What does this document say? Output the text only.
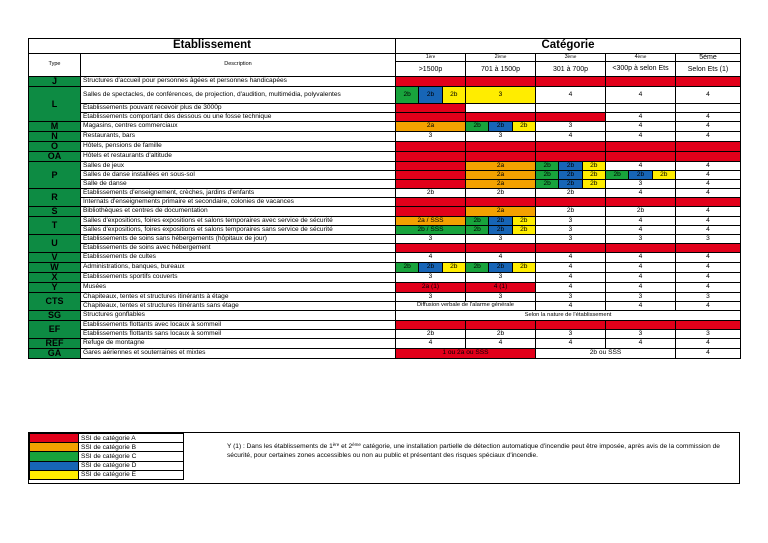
Etablissement		Catégorie				
Type	Description	1ère	2ème	3ème	4ème	5ème
		>1500p	701 à 1500p	301 à 700p	<300p à selon Ets	Selon Ets (1)
J	Structures d'accueil pour personnes âgées et personnes handicapées	1	1	1	1	1
L	Salles de spectacles, de conférences, de projection, d'audition, multimédia, polyvalentes	2b 2b 2b	3	4	4	4
	Etablissements pouvant recevoir plus de 3000p	1				
	Etablissements comportant des dessous ou une fosse technique	1	1	1	4	4
M	Magasins, centres commerciaux	2a	2b 2b 2b	3	4	4
N	Restaurants, bars	3	3	4	4	4
O	Hôtels, pensions de famille	1	1	1	1	1
OA	Hôtels et restaurants d'altitude	1	1	1	1	1
P	Salles de jeux	1	2a	2b 2b 2b	4	4
	Salles de danse installées en sous-sol	1	2a	2b 2b 2b	2b 2b 2b	4
	Salle de danse	1	2a	2b 2b 2b	3	4
R	Etablissements d'enseignement, crèches, jardins d'enfants	2b	2b	2b	4	4
	Internats d'enseignements primaire et secondaire, colonies de vacances	1	1	1	1	1
S	Bibliothèques et centres de documentation	1	2a	2b	2b	4
T	Salles d'expositions, foires expositions et salons temporaires avec service de sécurité	2a / SSS	2b 2b 2b	3	4	4
	Salles d'expositions, foires expositions et salons temporaires sans service de sécurité	2b / SSS	2b 2b 2b	3	4	4
U	Etablissements de soins sans hébergements (hôpitaux de jour)	3	3	3	3	3
	Etablissements de soins avec hébergement	1	1	1	1	1
V	Etablissements de cultes	4	4	4	4	4
W	Administrations, banques, bureaux	2b 2b 2b	2b 2b 2b	4	4	4
X	Etablissements sportifs couverts	3	3	4	4	4
Y	Musées	2a (1)	4 (1)	4	4	4
CTS	Chapiteaux, tentes et structures itinérants à étage	3	3	3	3	3
	Chapiteaux, tentes et structures itinérants sans étage	Diffusion verbale de l'alarme générale		4	4	4
SG	Structures gonflables	Selon la nature de l'établissement				
EF	Etablissements flottants avec locaux à sommeil	1	1	1	1	1
	Etablissements flottants sans locaux à sommeil	2b	2b	3	3	3
REF	Refuge de montagne	4	4	4	4	4
GA	Gares aériennes et souterraines et mixtes	1 ou 2a ou SSS		2b ou SSS		4
	SSI de catégorie A
	SSI de catégorie B
	SSI de catégorie C
	SSI de catégorie D
	SSI de catégorie E
Y (1) : Dans les établissements de 1ère et 2ème catégorie, une installation partielle de détection automatique d'incendie peut être imposée, après avis de la commission de sécurité, pour certaines zones accessibles ou non au public et présentant des risques spéciaux d'incendie.
